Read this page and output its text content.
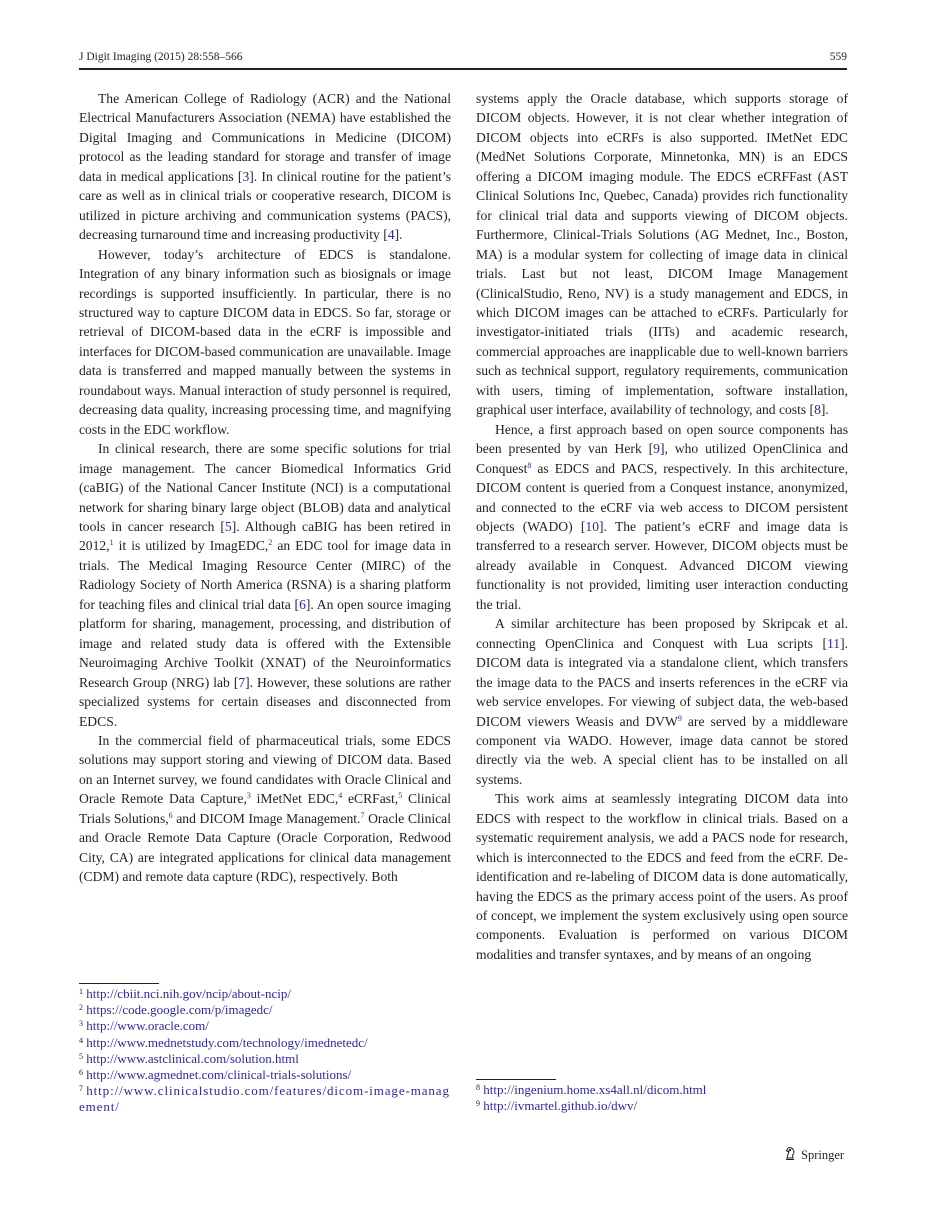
J Digit Imaging (2015) 28:558–566	559

The American College of Radiology (ACR) and the National Electrical Manufacturers Association (NEMA) have established the Digital Imaging and Communications in Medicine (DICOM) protocol as the leading standard for storage and transfer of image data in medical applications [3]. In clinical routine for the patient’s care as well as in clinical trials or cooperative research, DICOM is utilized in picture archiving and communication systems (PACS), decreasing turnaround time and increasing productivity [4].

However, today’s architecture of EDCS is standalone. Integration of any binary information such as biosignals or image recordings is supported insufficiently. In particular, there is no structured way to capture DICOM data in EDCS. So far, storage or retrieval of DICOM-based data in the eCRF is impossible and interfaces for DICOM-based communication are unavailable. Image data is transferred and mapped manually between the systems in roundabout ways. Manual interaction of study personnel is required, decreasing data quality, increasing processing time, and magnifying costs in the EDC workflow.

In clinical research, there are some specific solutions for trial image management. The cancer Biomedical Informatics Grid (caBIG) of the National Cancer Institute (NCI) is a computational network for sharing binary large object (BLOB) data and analytical tools in cancer research [5]. Although caBIG has been retired in 2012,$^1$ it is utilized by ImagEDC,$^2$ an EDC tool for image data in trials. The Medical Imaging Resource Center (MIRC) of the Radiology Society of North America (RSNA) is a sharing platform for teaching files and clinical trial data [6]. An open source imaging platform for sharing, management, processing, and distribution of image and related study data is offered with the Extensible Neuroimaging Archive Toolkit (XNAT) of the Neuroinformatics Research Group (NRG) lab [7]. However, these solutions are rather specialized systems for certain diseases and disconnected from EDCS.

In the commercial field of pharmaceutical trials, some EDCS solutions may support storing and viewing of DICOM data. Based on an Internet survey, we found candidates with Oracle Clinical and Oracle Remote Data Capture,$^3$ iMetNet EDC,$^4$ eCRFast,$^5$ Clinical Trials Solutions,$^6$ and DICOM Image Management.$^7$ Oracle Clinical and Oracle Remote Data Capture (Oracle Corporation, Redwood City, CA) are integrated applications for clinical data management (CDM) and remote data capture (RDC), respectively. Both

systems apply the Oracle database, which supports storage of DICOM objects. However, it is not clear whether integration of DICOM objects into eCRFs is also supported. IMetNet EDC (MedNet Solutions Corporate, Minnetonka, MN) is an EDCS offering a DICOM imaging module. The EDCS eCRFFast (AST Clinical Solutions Inc, Quebec, Canada) provides rich functionality for clinical trial data and supports viewing of DICOM objects. Furthermore, Clinical-Trials Solutions (AG Mednet, Inc., Boston, MA) is a modular system for collecting of image data in clinical trials. Last but not least, DICOM Image Management (ClinicalStudio, Reno, NV) is a study management and EDCS, in which DICOM images can be attached to eCRFs. Particularly for investigator-initiated trials (IITs) and academic research, commercial approaches are inapplicable due to well-known barriers such as technical support, regulatory requirements, communication with users, timing of implementation, software installation, graphical user interface, availability of technology, and costs [8].

Hence, a first approach based on open source components has been presented by van Herk [9], who utilized OpenClinica and Conquest$^8$ as EDCS and PACS, respectively. In this architecture, DICOM content is queried from a Conquest instance, anonymized, and connected to the eCRF via web access to DICOM persistent objects (WADO) [10]. The patient’s eCRF and image data is transferred to a research server. However, DICOM objects must be already available in Conquest. Advanced DICOM viewing functionality is not provided, limiting user interaction conducting the trial.

A similar architecture has been proposed by Skripcak et al. connecting OpenClinica and Conquest with Lua scripts [11]. DICOM data is integrated via a standalone client, which transfers the image data to the PACS and inserts references in the eCRF via web service envelopes. For viewing of subject data, the web-based DICOM viewers Weasis and DVW$^9$ are served by a middleware component via WADO. However, image data cannot be stored directly via the web. A special client has to be installed on all systems.

This work aims at seamlessly integrating DICOM data into EDCS with respect to the workflow in clinical trials. Based on a systematic requirement analysis, we add a PACS node for research, which is interconnected to the EDCS and feed from the eCRF. De-identification and re-labeling of DICOM data is done automatically, having the EDCS as the primary access point of the users. As proof of concept, we implement the system exclusively using open source components. Evaluation is performed on various DICOM modalities and transfer syntaxes, and by means of an ongoing

$^1$ http://cbiit.nci.nih.gov/ncip/about-ncip/
$^2$ https://code.google.com/p/imagedc/
$^3$ http://www.oracle.com/
$^4$ http://www.mednetstudy.com/technology/imednetedc/
$^5$ http://www.astclinical.com/solution.html
$^6$ http://www.agmednet.com/clinical-trials-solutions/
$^7$ http://www.clinicalstudio.com/features/dicom-image-management/
$^8$ http://ingenium.home.xs4all.nl/dicom.html
$^9$ http://ivmartel.github.io/dwv/
Springer
